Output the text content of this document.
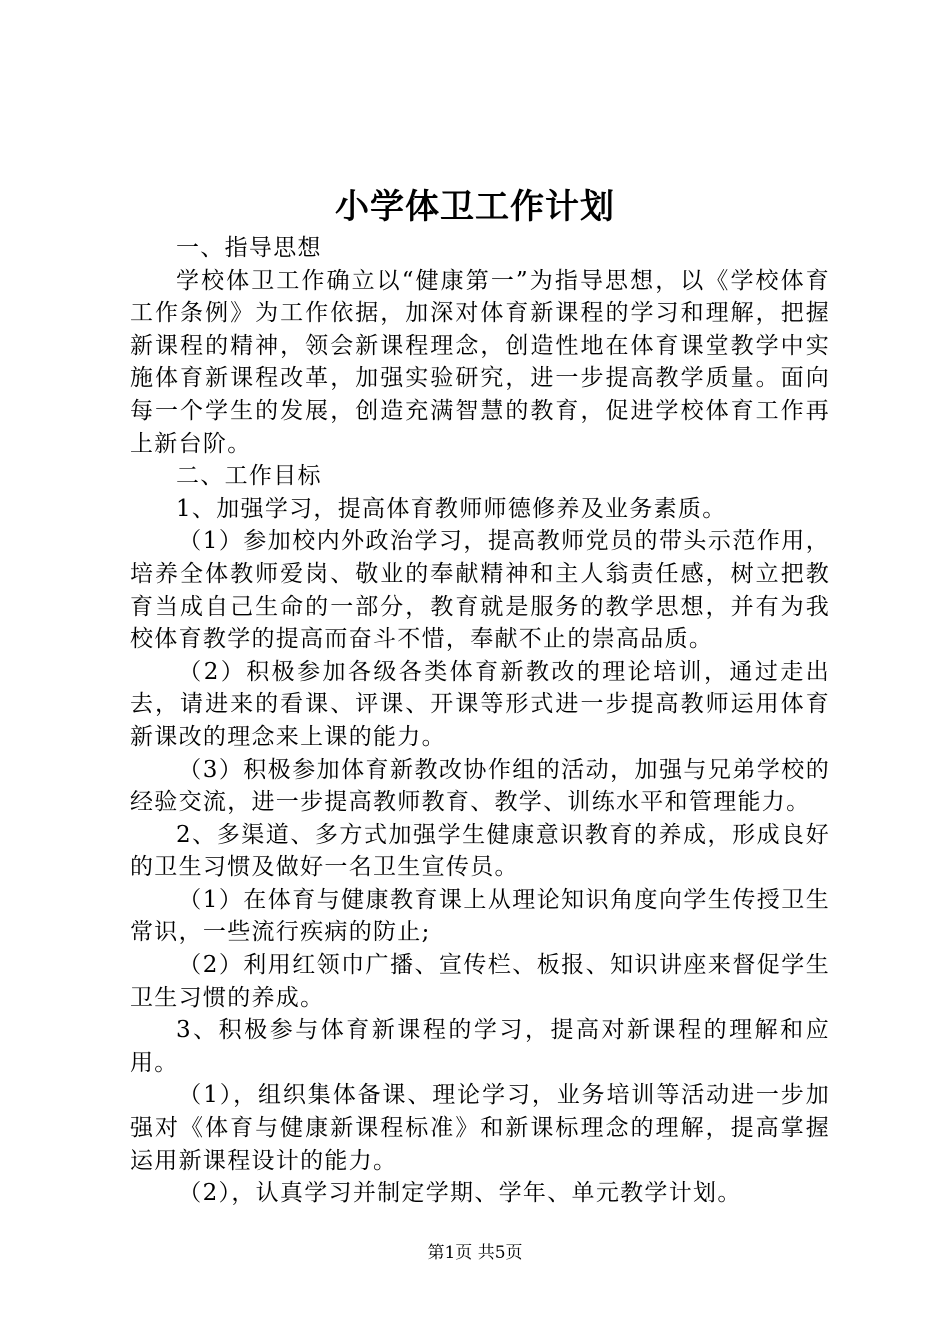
小学体卫工作计划

一、指导思想

学校体卫工作确立以“健康第一”为指导思想，以《学校体育工作条例》为工作依据，加深对体育新课程的学习和理解，把握新课程的精神，领会新课程理念，创造性地在体育课堂教学中实施体育新课程改革，加强实验研究，进一步提高教学质量。面向每一个学生的发展，创造充满智慧的教育，促进学校体育工作再上新台阶。

二、工作目标

1、加强学习，提高体育教师师德修养及业务素质。

（1）参加校内外政治学习，提高教师党员的带头示范作用，培养全体教师爱岗、敬业的奉献精神和主人翁责任感，树立把教育当成自己生命的一部分，教育就是服务的教学思想，并有为我校体育教学的提高而奋斗不惜，奉献不止的崇高品质。

（2）积极参加各级各类体育新教改的理论培训，通过走出去，请进来的看课、评课、开课等形式进一步提高教师运用体育新课改的理念来上课的能力。

（3）积极参加体育新教改协作组的活动，加强与兄弟学校的经验交流，进一步提高教师教育、教学、训练水平和管理能力。

2、多渠道、多方式加强学生健康意识教育的养成，形成良好的卫生习惯及做好一名卫生宣传员。

（1）在体育与健康教育课上从理论知识角度向学生传授卫生常识，一些流行疾病的防止;

（2）利用红领巾广播、宣传栏、板报、知识讲座来督促学生卫生习惯的养成。

3、积极参与体育新课程的学习，提高对新课程的理解和应用。

（1），组织集体备课、理论学习，业务培训等活动进一步加强对《体育与健康新课程标准》和新课标理念的理解，提高掌握运用新课程设计的能力。

（2），认真学习并制定学期、学年、单元教学计划。

第1页 共5页
